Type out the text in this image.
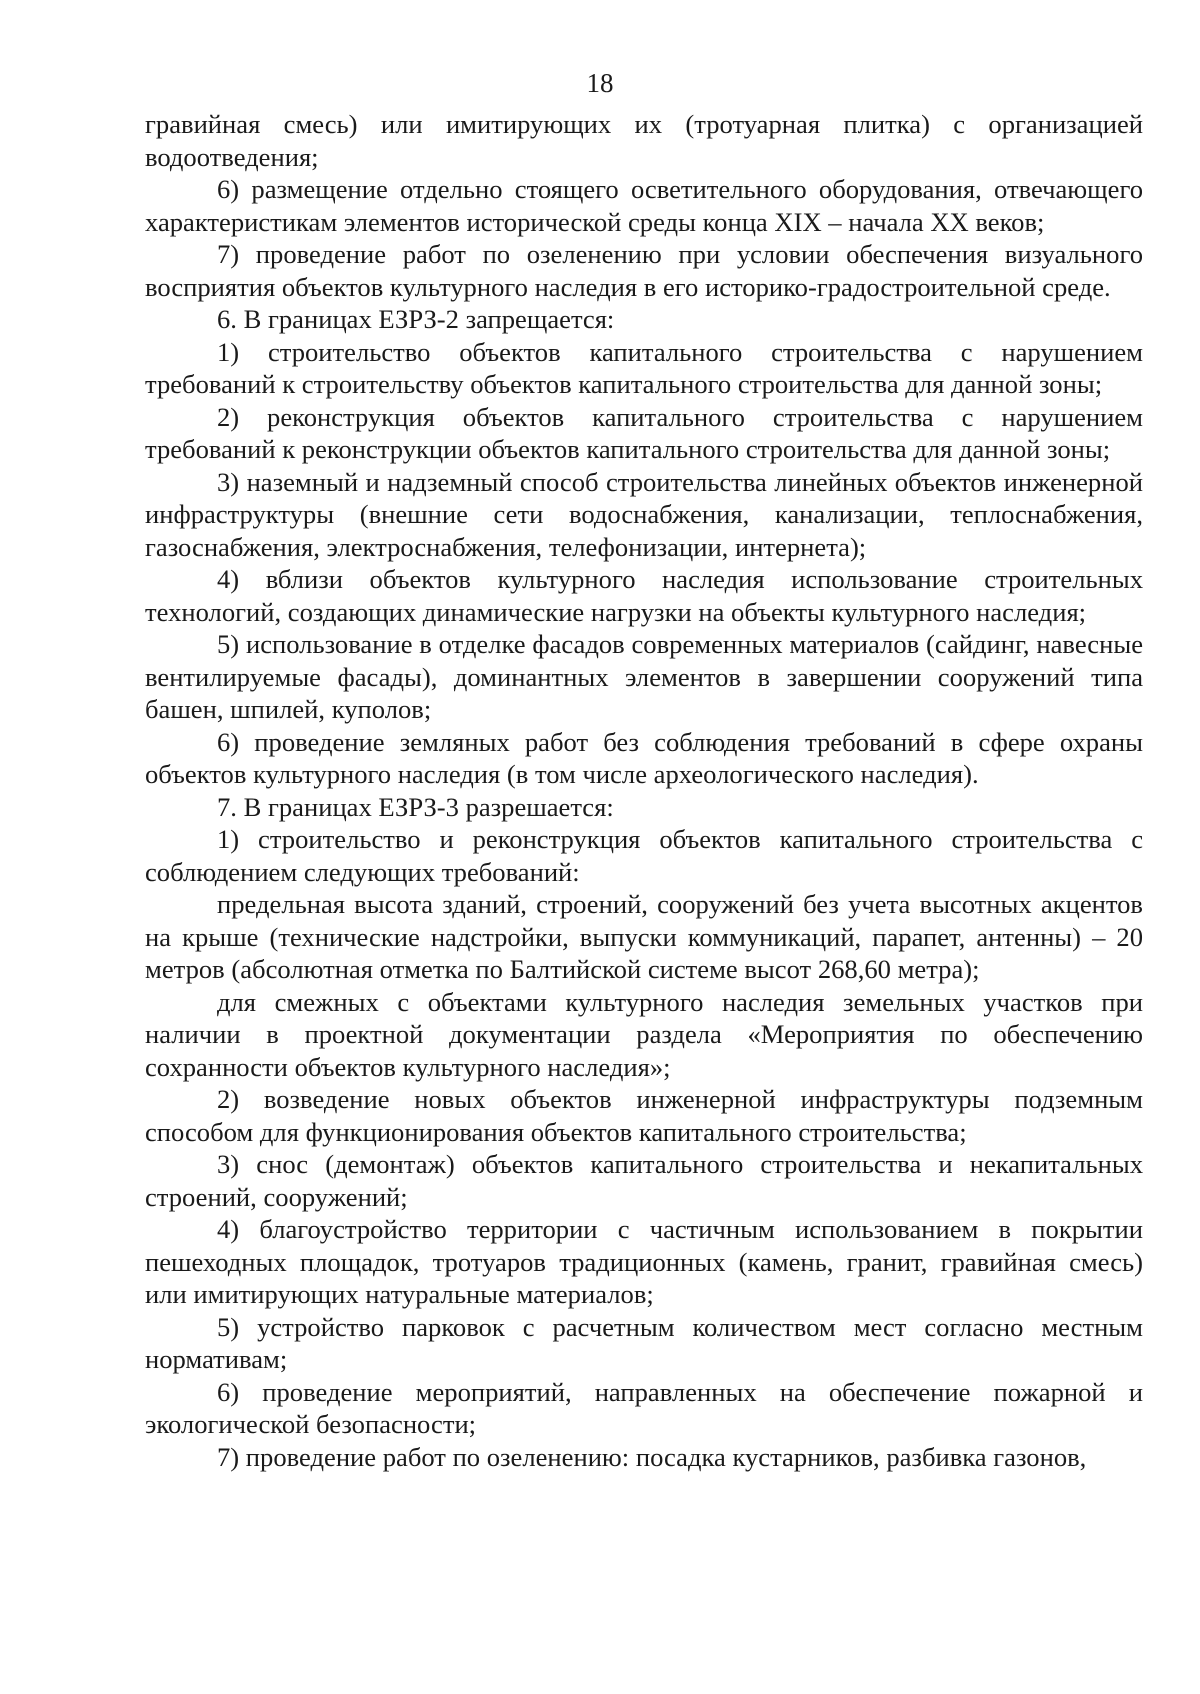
18

гравийная смесь) или имитирующих их (тротуарная плитка) с организацией водоотведения;

6) размещение отдельно стоящего осветительного оборудования, отвечающего характеристикам элементов исторической среды конца XIX – начала XX веков;

7) проведение работ по озеленению при условии обеспечения визуального восприятия объектов культурного наследия в его историко-градостроительной среде.

6. В границах ЕЗРЗ-2 запрещается:

1) строительство объектов капитального строительства с нарушением требований к строительству объектов капитального строительства для данной зоны;

2) реконструкция объектов капитального строительства с нарушением требований к реконструкции объектов капитального строительства для данной зоны;

3) наземный и надземный способ строительства линейных объектов инженерной инфраструктуры (внешние сети водоснабжения, канализации, теплоснабжения, газоснабжения, электроснабжения, телефонизации, интернета);

4) вблизи объектов культурного наследия использование строительных технологий, создающих динамические нагрузки на объекты культурного наследия;

5) использование в отделке фасадов современных материалов (сайдинг, навесные вентилируемые фасады), доминантных элементов в завершении сооружений типа башен, шпилей, куполов;

6) проведение земляных работ без соблюдения требований в сфере охраны объектов культурного наследия (в том числе археологического наследия).

7. В границах ЕЗРЗ-3 разрешается:

1) строительство и реконструкция объектов капитального строительства с соблюдением следующих требований:

предельная высота зданий, строений, сооружений без учета высотных акцентов на крыше (технические надстройки, выпуски коммуникаций, парапет, антенны) – 20 метров (абсолютная отметка по Балтийской системе высот 268,60 метра);

для смежных с объектами культурного наследия земельных участков при наличии в проектной документации раздела «Мероприятия по обеспечению сохранности объектов культурного наследия»;

2) возведение новых объектов инженерной инфраструктуры подземным способом для функционирования объектов капитального строительства;

3) снос (демонтаж) объектов капитального строительства и некапитальных строений, сооружений;

4) благоустройство территории с частичным использованием в покрытии пешеходных площадок, тротуаров традиционных (камень, гранит, гравийная смесь) или имитирующих натуральные материалов;

5) устройство парковок с расчетным количеством мест согласно местным нормативам;

6) проведение мероприятий, направленных на обеспечение пожарной и экологической безопасности;

7) проведение работ по озеленению: посадка кустарников, разбивка газонов,
